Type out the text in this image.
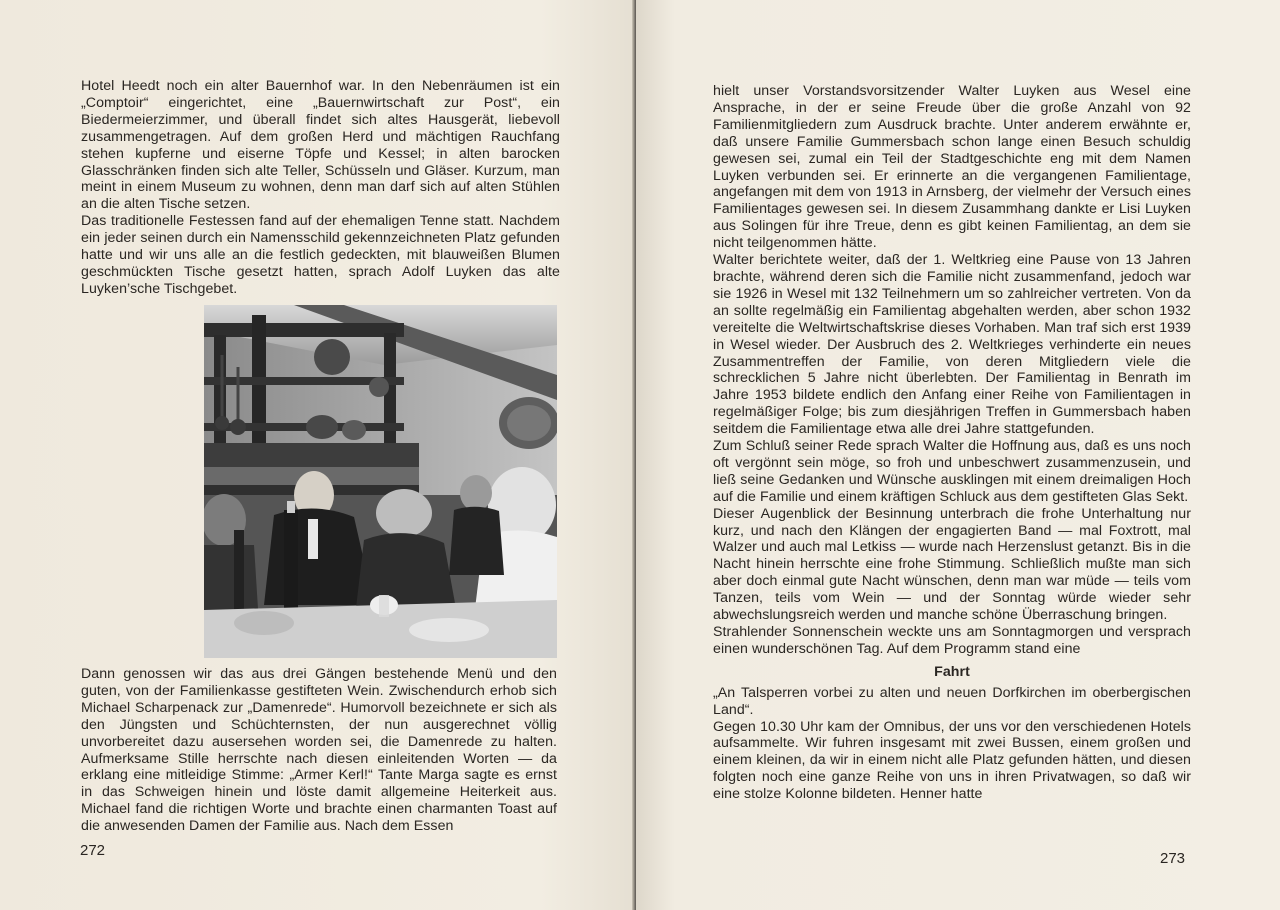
Hotel Heedt noch ein alter Bauernhof war. In den Nebenräumen ist ein „Comptoir“ eingerichtet, eine „Bauernwirtschaft zur Post“, ein Biedermeierzimmer, und überall findet sich altes Hausgerät, liebevoll zusammengetragen. Auf dem großen Herd und mächtigen Rauchfang stehen kupferne und eiserne Töpfe und Kessel; in alten barocken Glasschränken finden sich alte Teller, Schüsseln und Gläser. Kurzum, man meint in einem Museum zu wohnen, denn man darf sich auf alten Stühlen an die alten Tische setzen.

Das traditionelle Festessen fand auf der ehemaligen Tenne statt. Nachdem ein jeder seinen durch ein Namensschild gekennzeichneten Platz gefunden hatte und wir uns alle an die festlich gedeckten, mit blauweißen Blumen geschmückten Tische gesetzt hatten, sprach Adolf Luyken das alte Luyken’sche Tischgebet.

Dann genossen wir das aus drei Gängen bestehende Menü und den guten, von der Familienkasse gestifteten Wein. Zwischendurch erhob sich Michael Scharpenack zur „Damenrede“. Humorvoll bezeichnete er sich als den Jüngsten und Schüchternsten, der nun ausgerechnet völlig unvorbereitet dazu ausersehen worden sei, die Damenrede zu halten. Aufmerksame Stille herrschte nach diesen einleitenden Worten — da erklang eine mitleidige Stimme: „Armer Kerl!“ Tante Marga sagte es ernst in das Schweigen hinein und löste damit allgemeine Heiterkeit aus. Michael fand die richtigen Worte und brachte einen charmanten Toast auf die anwesenden Damen der Familie aus. Nach dem Essen

272	273

hielt unser Vorstandsvorsitzender Walter Luyken aus Wesel eine Ansprache, in der er seine Freude über die große Anzahl von 92 Familienmitgliedern zum Ausdruck brachte. Unter anderem erwähnte er, daß unsere Familie Gummersbach schon lange einen Besuch schuldig gewesen sei, zumal ein Teil der Stadtgeschichte eng mit dem Namen Luyken verbunden sei. Er erinnerte an die vergangenen Familientage, angefangen mit dem von 1913 in Arnsberg, der vielmehr der Versuch eines Familientages gewesen sei. In diesem Zusammhang dankte er Lisi Luyken aus Solingen für ihre Treue, denn es gibt keinen Familientag, an dem sie nicht teilgenommen hätte.

Walter berichtete weiter, daß der 1. Weltkrieg eine Pause von 13 Jahren brachte, während deren sich die Familie nicht zusammenfand, jedoch war sie 1926 in Wesel mit 132 Teilnehmern um so zahlreicher vertreten. Von da an sollte regelmäßig ein Familientag abgehalten werden, aber schon 1932 vereitelte die Weltwirtschaftskrise dieses Vorhaben. Man traf sich erst 1939 in Wesel wieder. Der Ausbruch des 2. Weltkrieges verhinderte ein neues Zusammentreffen der Familie, von deren Mitgliedern viele die schrecklichen 5 Jahre nicht überlebten. Der Familientag in Benrath im Jahre 1953 bildete endlich den Anfang einer Reihe von Familientagen in regelmäßiger Folge; bis zum diesjährigen Treffen in Gummersbach haben seitdem die Familientage etwa alle drei Jahre stattgefunden.

Zum Schluß seiner Rede sprach Walter die Hoffnung aus, daß es uns noch oft vergönnt sein möge, so froh und unbeschwert zusammenzusein, und ließ seine Gedanken und Wünsche ausklingen mit einem dreimaligen Hoch auf die Familie und einem kräftigen Schluck aus dem gestifteten Glas Sekt.

Dieser Augenblick der Besinnung unterbrach die frohe Unterhaltung nur kurz, und nach den Klängen der engagierten Band — mal Foxtrott, mal Walzer und auch mal Letkiss — wurde nach Herzenslust getanzt. Bis in die Nacht hinein herrschte eine frohe Stimmung. Schließlich mußte man sich aber doch einmal gute Nacht wünschen, denn man war müde — teils vom Tanzen, teils vom Wein — und der Sonntag würde wieder sehr abwechslungsreich werden und manche schöne Überraschung bringen.

Strahlender Sonnenschein weckte uns am Sonntagmorgen und versprach einen wunderschönen Tag. Auf dem Programm stand eine

Fahrt

„An Talsperren vorbei zu alten und neuen Dorfkirchen im oberbergischen Land“.

Gegen 10.30 Uhr kam der Omnibus, der uns vor den verschiedenen Hotels aufsammelte. Wir fuhren insgesamt mit zwei Bussen, einem großen und einem kleinen, da wir in einem nicht alle Platz gefunden hätten, und diesen folgten noch eine ganze Reihe von uns in ihren Privatwagen, so daß wir eine stolze Kolonne bildeten. Henner hatte
